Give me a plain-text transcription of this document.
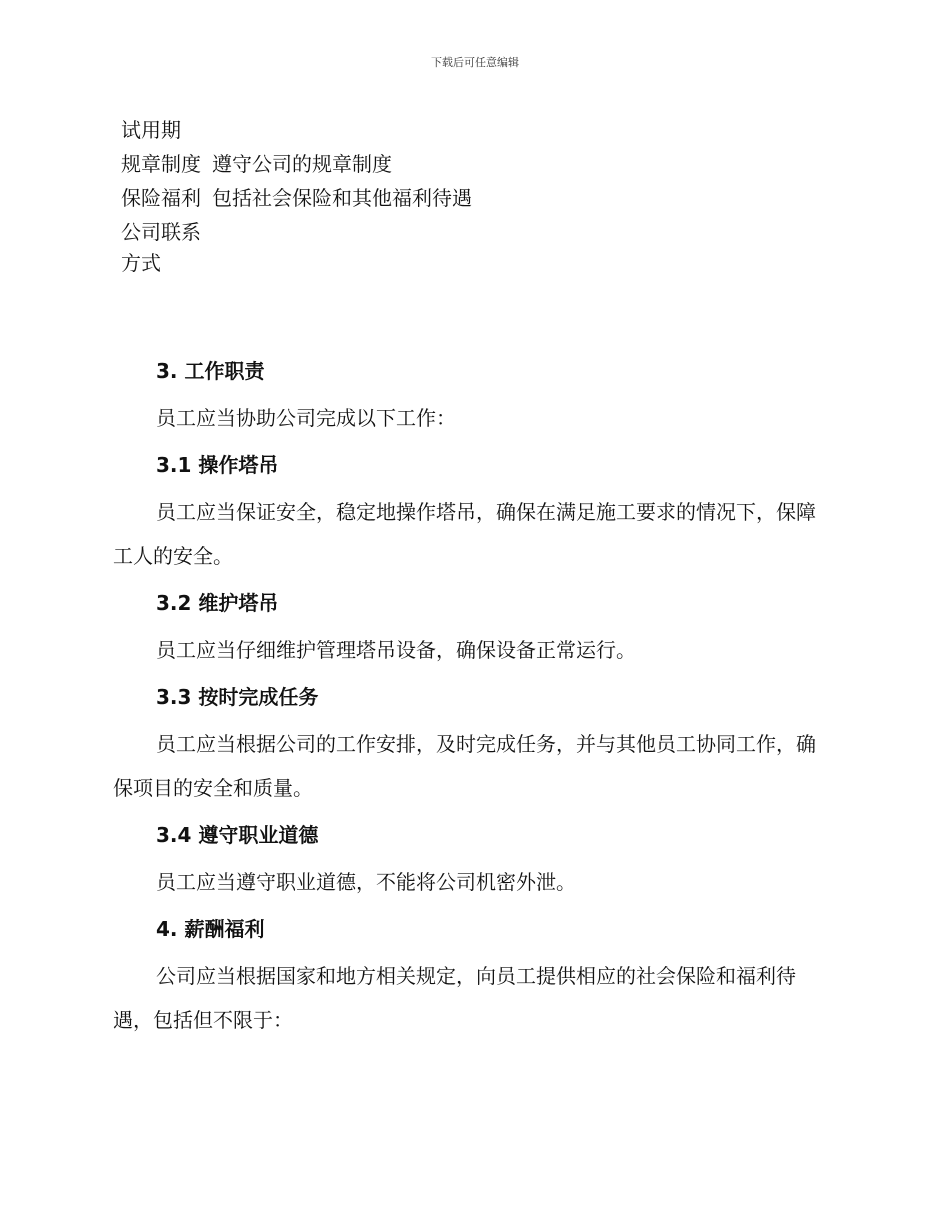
下载后可任意编辑
试用期
规章制度 遵守公司的规章制度
保险福利 包括社会保险和其他福利待遇
公司联系方式

3. 工作职责

员工应当协助公司完成以下工作：

3.1 操作塔吊

员工应当保证安全，稳定地操作塔吊，确保在满足施工要求的情况下，保障工人的安全。

3.2 维护塔吊

员工应当仔细维护管理塔吊设备，确保设备正常运行。

3.3 按时完成任务

员工应当根据公司的工作安排，及时完成任务，并与其他员工协同工作，确保项目的安全和质量。

3.4 遵守职业道德

员工应当遵守职业道德，不能将公司机密外泄。

4. 薪酬福利

公司应当根据国家和地方相关规定，向员工提供相应的社会保险和福利待遇，包括但不限于：
